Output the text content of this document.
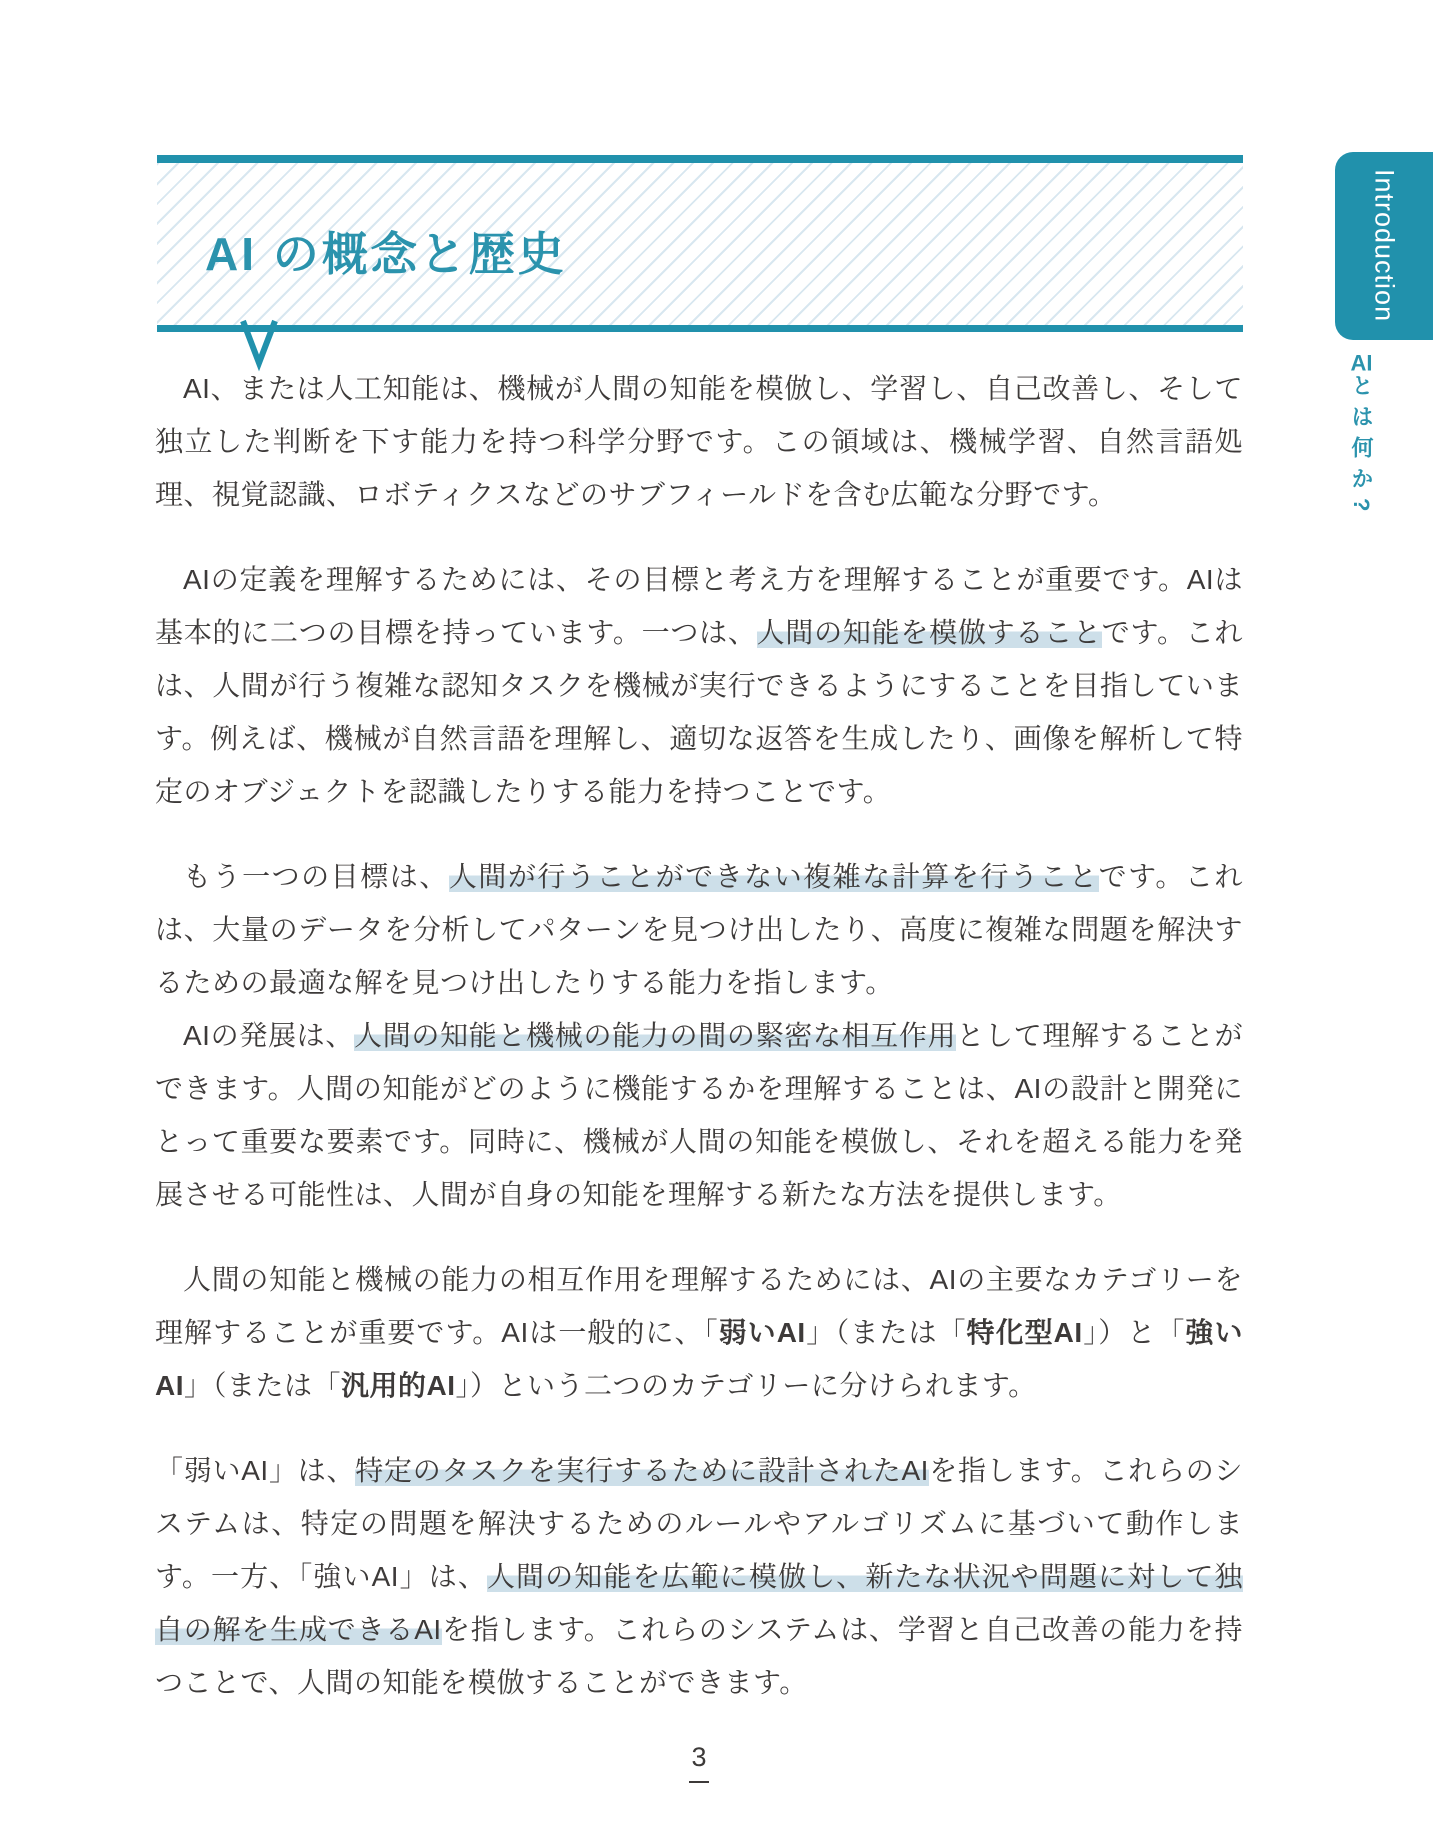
AI の概念と歴史	Introduction
AIとは何か?

AI、または人工知能は、機械が人間の知能を模倣し、学習し、自己改善し、そして独立した判断を下す能力を持つ科学分野です。この領域は、機械学習、自然言語処理、視覚認識、ロボティクスなどのサブフィールドを含む広範な分野です。

AIの定義を理解するためには、その目標と考え方を理解することが重要です。AIは基本的に二つの目標を持っています。一つは、人間の知能を模倣することです。これは、人間が行う複雑な認知タスクを機械が実行できるようにすることを目指しています。例えば、機械が自然言語を理解し、適切な返答を生成したり、画像を解析して特定のオブジェクトを認識したりする能力を持つことです。

もう一つの目標は、人間が行うことができない複雑な計算を行うことです。これは、大量のデータを分析してパターンを見つけ出したり、高度に複雑な問題を解決するための最適な解を見つけ出したりする能力を指します。

AIの発展は、人間の知能と機械の能力の間の緊密な相互作用として理解することができます。人間の知能がどのように機能するかを理解することは、AIの設計と開発にとって重要な要素です。同時に、機械が人間の知能を模倣し、それを超える能力を発展させる可能性は、人間が自身の知能を理解する新たな方法を提供します。

人間の知能と機械の能力の相互作用を理解するためには、AIの主要なカテゴリーを理解することが重要です。AIは一般的に、「弱いAI」（または「特化型AI」）と「強いAI」（または「汎用的AI」）という二つのカテゴリーに分けられます。

「弱いAI」は、特定のタスクを実行するために設計されたAIを指します。これらのシステムは、特定の問題を解決するためのルールやアルゴリズムに基づいて動作します。一方、「強いAI」は、人間の知能を広範に模倣し、新たな状況や問題に対して独自の解を生成できるAIを指します。これらのシステムは、学習と自己改善の能力を持つことで、人間の知能を模倣することができます。

3
